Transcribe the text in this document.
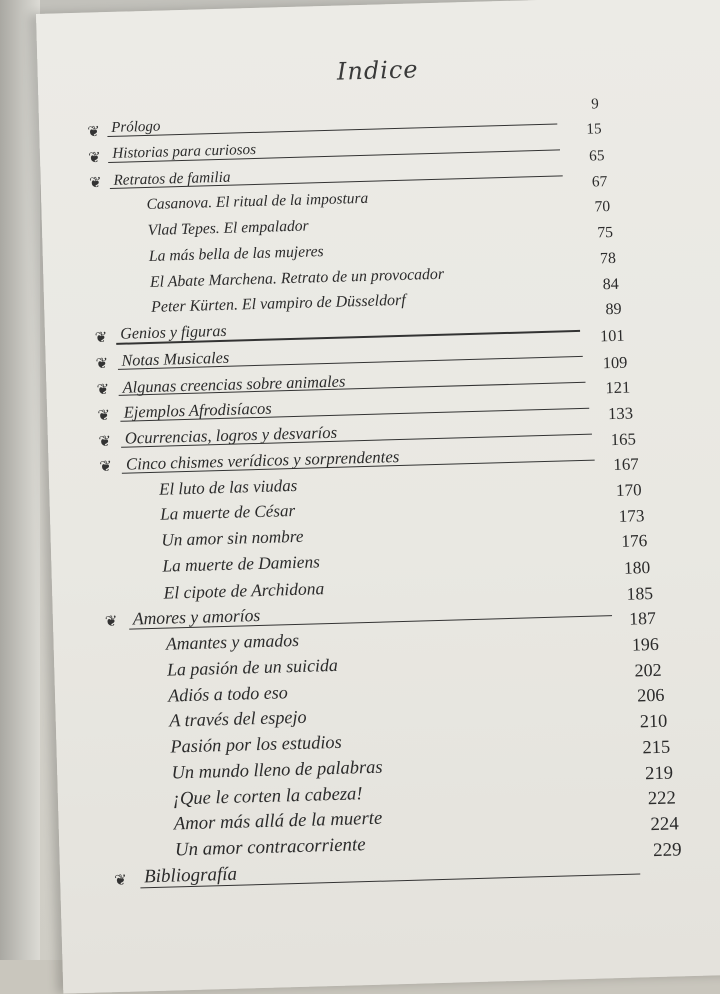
Indice
❦ Prólogo
9
❦ Historias para curiosos
15
❦ Retratos de familia
65
Casanova. El ritual de la impostura
67
Vlad Tepes. El empalador
70
La más bella de las mujeres
75
El Abate Marchena. Retrato de un provocador
78
Peter Kürten. El vampiro de Düsseldorf
84
❦ Genios y figuras
89
❦ Notas Musicales
101
❦ Algunas creencias sobre animales
109
❦ Ejemplos Afrodisíacos
121
❦ Ocurrencias, logros y desvaríos
133
❦ Cinco chismes verídicos y sorprendentes
165
El luto de las viudas
167
La muerte de César
170
Un amor sin nombre
173
La muerte de Damiens
176
El cipote de Archidona
180
❦ Amores y amoríos
185
Amantes y amados
187
La pasión de un suicida
196
Adiós a todo eso
202
A través del espejo
206
Pasión por los estudios
210
Un mundo lleno de palabras
215
¡Que le corten la cabeza!
219
Amor más allá de la muerte
222
Un amor contracorriente
224
❦ Bibliografía
229
